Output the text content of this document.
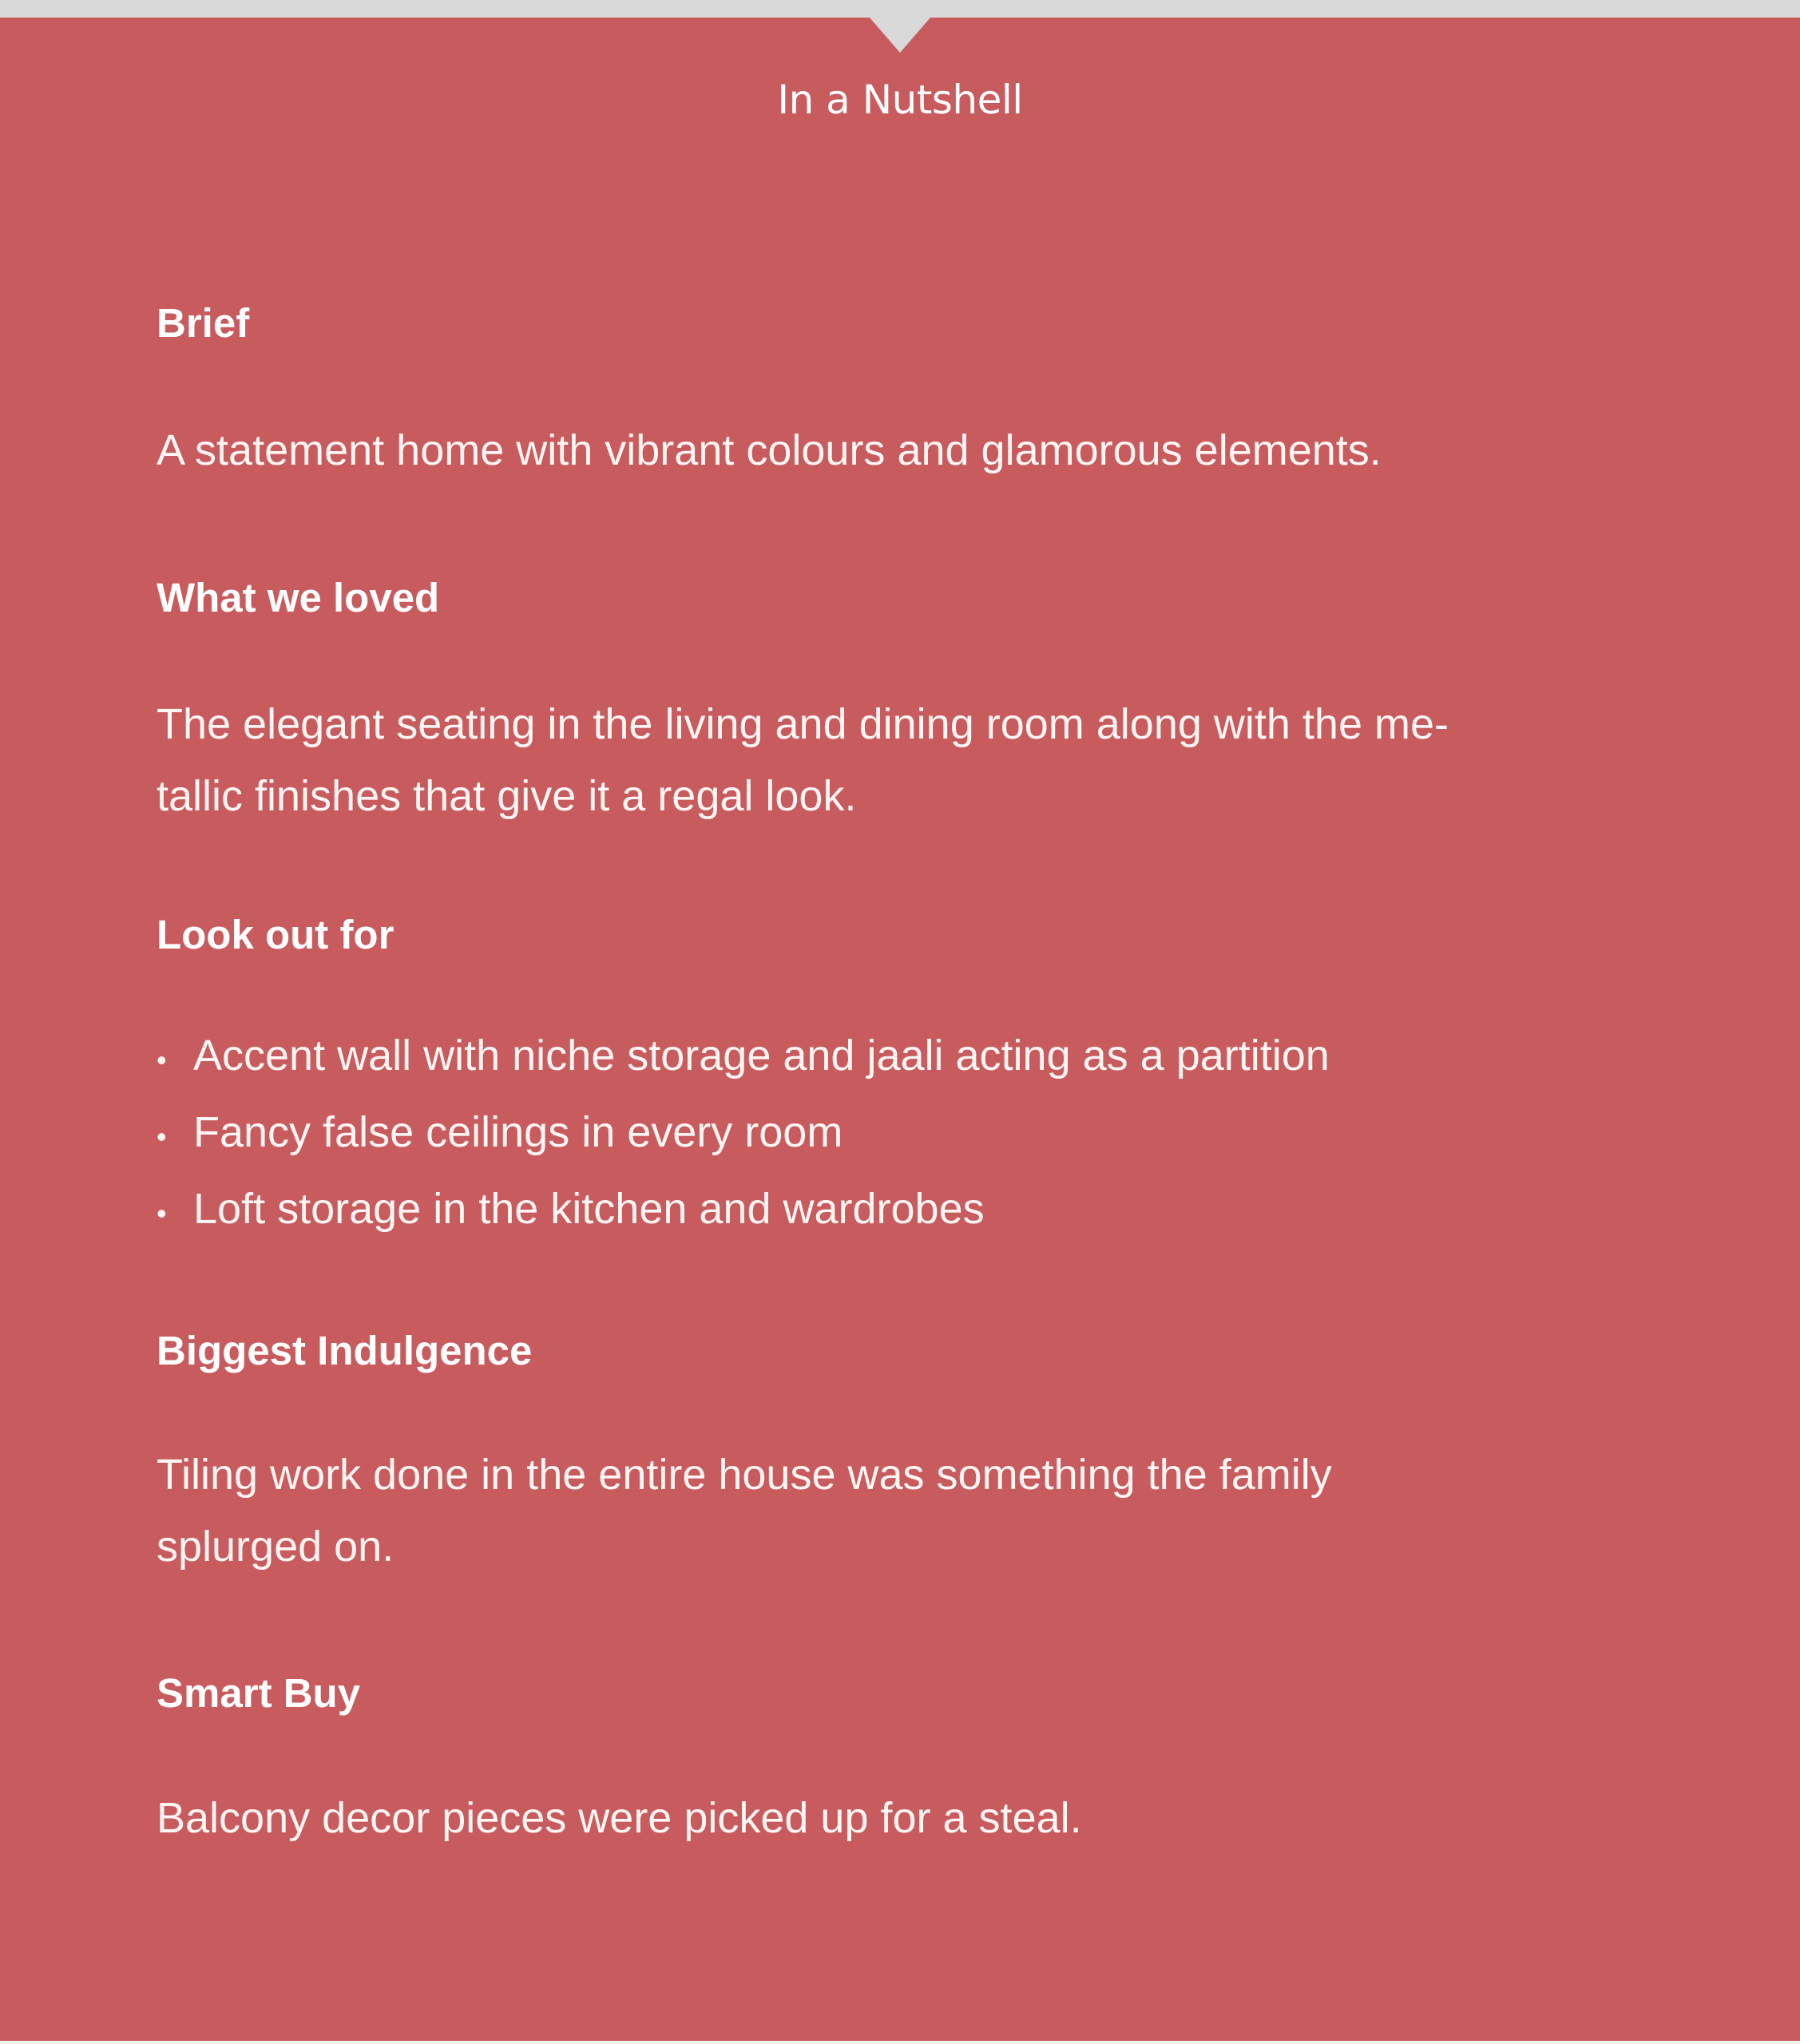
In a Nutshell
Brief

A statement home with vibrant colours and glamorous elements.

What we loved

The elegant seating in the living and dining room along with the me-

tallic finishes that give it a regal look.

Look out for
• Accent wall with niche storage and jaali acting as a partition
• Fancy false ceilings in every room
• Loft storage in the kitchen and wardrobes
Biggest Indulgence

Tiling work done in the entire house was something the family

splurged on.

Smart Buy

Balcony decor pieces were picked up for a steal.
